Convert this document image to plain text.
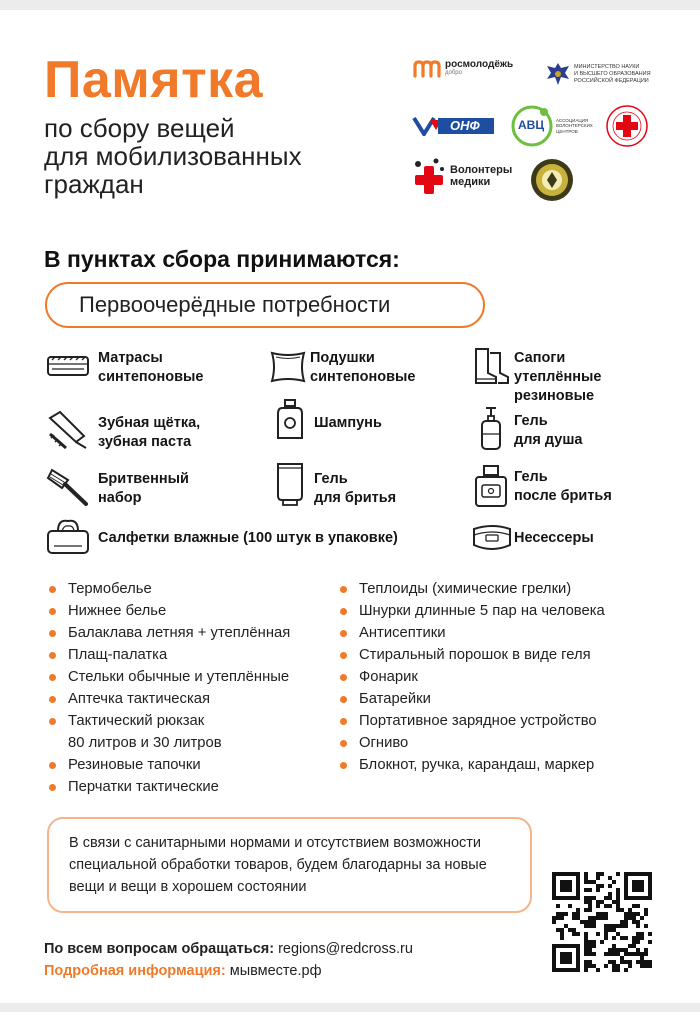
Памятка
по сбору вещей
для мобилизованных
граждан
росмолодёжь
добро
МИНИСТЕРСТВО НАУКИ
И ВЫСШЕГО ОБРАЗОВАНИЯ
РОССИЙСКОЙ ФЕДЕРАЦИИ
ОНФ	АВЦ	АССОЦИАЦИЯ ВОЛОНТЕРСКИХ ЦЕНТРОВ
Волонтеры
медики
В пунктах сбора принимаются:
Первоочерёдные потребности
Матрасы
синтепоновые
Подушки
синтепоновые
Сапоги
утеплённые
резиновые
Зубная щётка,
зубная паста
Шампунь	Гель
для душа
Бритвенный
набор
Гель
для бритья
Гель
после бритья
Салфетки влажные (100 штук в упаковке)	Несессеры
Термобелье
Нижнее белье
Балаклава летняя + утеплённая
Плащ-палатка
Стельки обычные и утеплённые
Аптечка тактическая
Тактический рюкзак
80 литров и 30 литров
Резиновые тапочки
Перчатки тактические
Теплоиды (химические грелки)
Шнурки длинные 5 пар на человека
Антисептики
Стиральный порошок в виде геля
Фонарик
Батарейки
Портативное зарядное устройство
Огниво
Блокнот, ручка, карандаш, маркер
В связи с санитарными нормами и отсутствием возможности специальной обработки товаров, будем благодарны за новые вещи и вещи в хорошем состоянии
По всем вопросам обращаться: regions@redcross.ru
Подробная информация: мывместе.рф
